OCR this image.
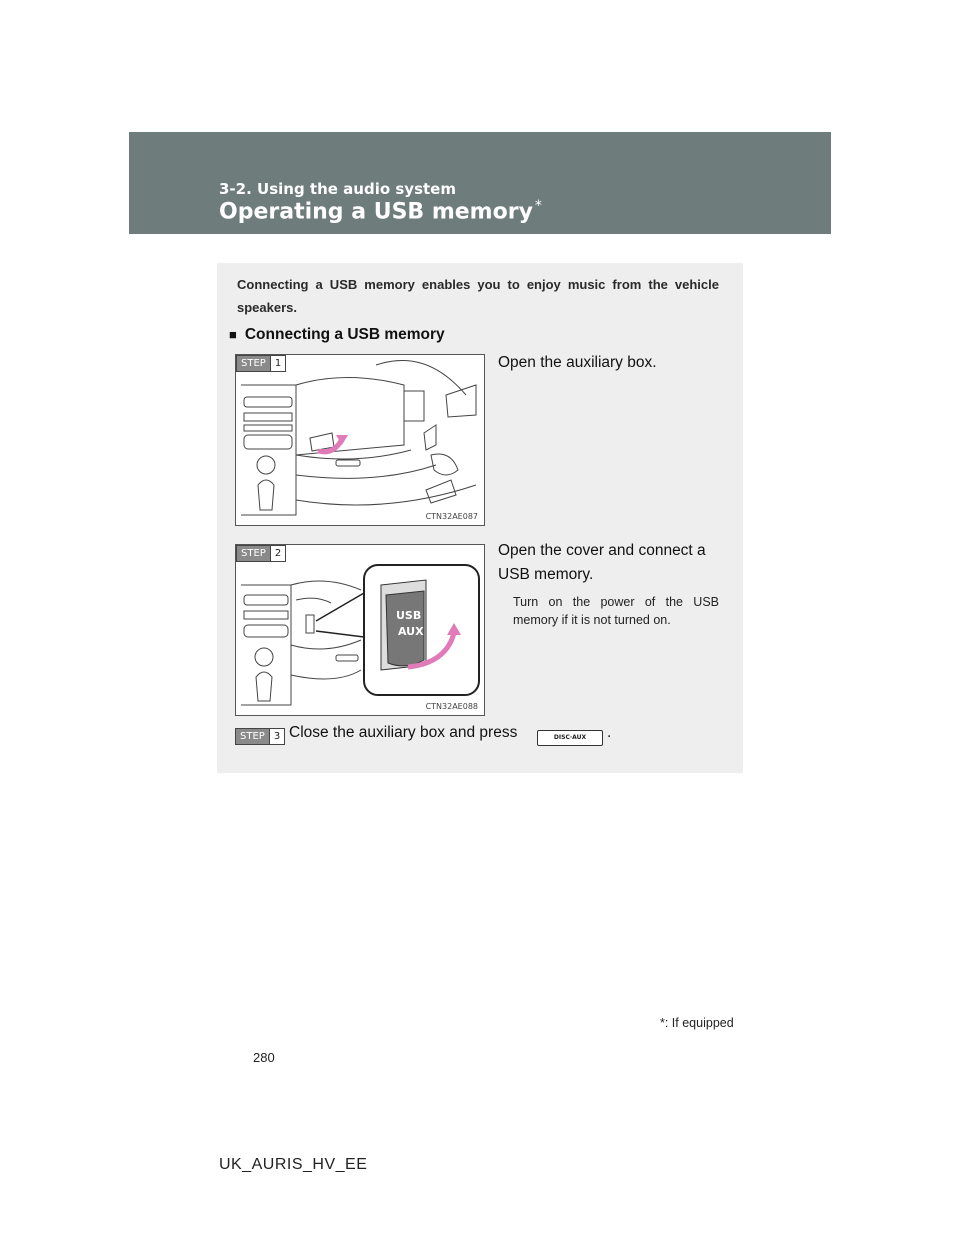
3-2. Using the audio system
Operating a USB memory *
Connecting a USB memory enables you to enjoy music from the vehicle speakers.
■ Connecting a USB memory
STEP 1
CTN32AE087
Open the auxiliary box.
USB
AUX
STEP 2
CTN32AE088
Open the cover and connect a USB memory.
Turn on the power of the USB memory if it is not turned on.
STEP 3 Close the auxiliary box and press	DISC·AUX	.
*: If equipped
280
UK_AURIS_HV_EE
